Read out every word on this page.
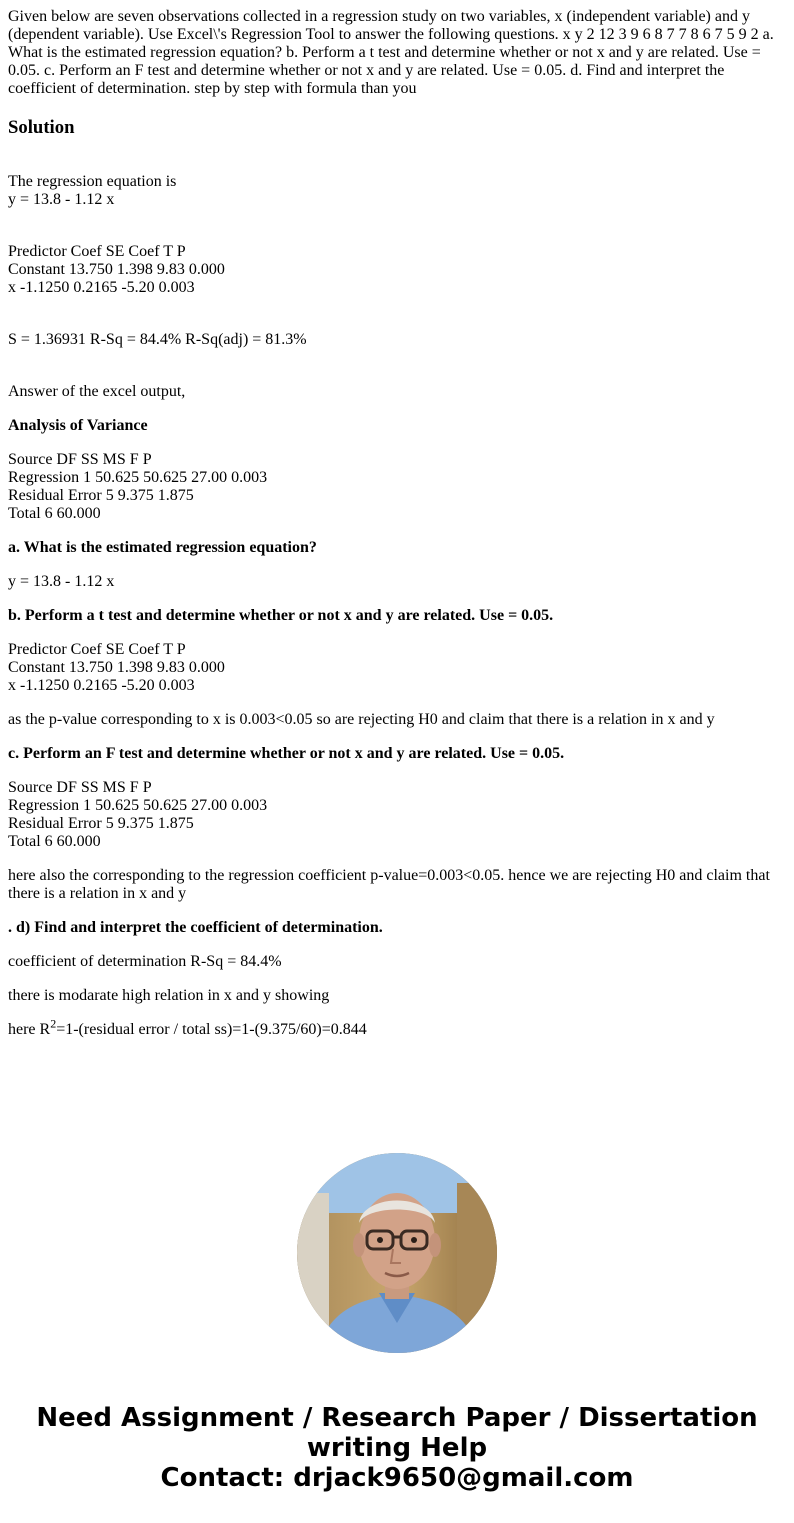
Given below are seven observations collected in a regression study on two variables, x (independent variable) and y (dependent variable). Use Excel\'s Regression Tool to answer the following questions. x y 2 12 3 9 6 8 7 7 8 6 7 5 9 2 a. What is the estimated regression equation? b. Perform a t test and determine whether or not x and y are related. Use = 0.05. c. Perform an F test and determine whether or not x and y are related. Use = 0.05. d. Find and interpret the coefficient of determination. step by step with formula than you

Solution
The regression equation is
y = 13.8 - 1.12 x
Predictor Coef SE Coef T P
Constant 13.750 1.398 9.83 0.000
x -1.1250 0.2165 -5.20 0.003
S = 1.36931 R-Sq = 84.4% R-Sq(adj) = 81.3%
Answer of the excel output,
Analysis of Variance
Source DF SS MS F P
Regression 1 50.625 50.625 27.00 0.003
Residual Error 5 9.375 1.875
Total 6 60.000
a. What is the estimated regression equation?
y = 13.8 - 1.12 x
b. Perform a t test and determine whether or not x and y are related. Use = 0.05.
Predictor Coef SE Coef T P
Constant 13.750 1.398 9.83 0.000
x -1.1250 0.2165 -5.20 0.003
as the p-value corresponding to x is 0.003<0.05 so are rejecting H0 and claim that there is a relation in x and y
c. Perform an F test and determine whether or not x and y are related. Use = 0.05.
Source DF SS MS F P
Regression 1 50.625 50.625 27.00 0.003
Residual Error 5 9.375 1.875
Total 6 60.000
here also the corresponding to the regression coefficient p-value=0.003<0.05. hence we are rejecting H0 and claim that there is a relation in x and y
. d) Find and interpret the coefficient of determination.
coefficient of determination R-Sq = 84.4%
there is modarate high relation in x and y showing
here $R^2=1-(residual$ error / total ss)=1-(9.375/60)=0.844
Need Assignment / Research Paper / Dissertation
writing Help
Contact: drjack9650@gmail.com
